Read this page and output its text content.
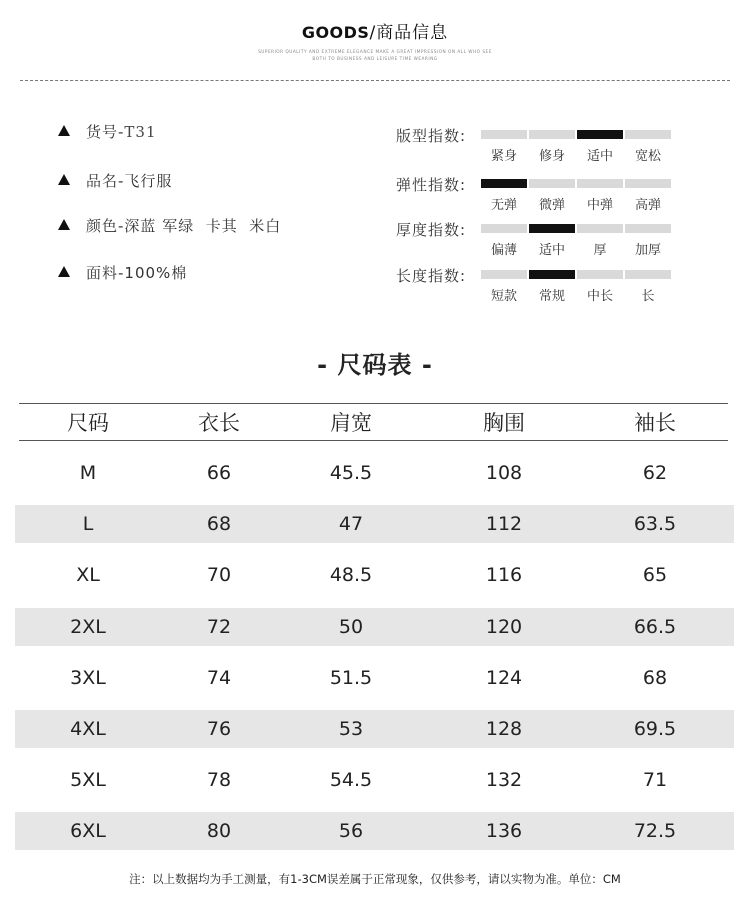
GOODS/商品信息
SUPERIOR QUALITY AND EXTREME ELEGANCE MAKE A GREAT IMPRESSION ON ALL WHO SEE
BOTH TO BUSINESS AND LEISURE TIME WEARING
货号-T31
品名-飞行服
颜色-深蓝 军绿  卡其  米白
面料-100%棉
版型指数:
紧身	修身	适中	宽松
弹性指数:
无弹	微弹	中弹	高弹
厚度指数:
偏薄	适中	厚	加厚
长度指数:
短款	常规	中长	长
- 尺码表 -
尺码	衣长	肩宽	胸围	袖长
M	66	45.5	108	62
L	68	47	112	63.5
XL	70	48.5	116	65
2XL	72	50	120	66.5
3XL	74	51.5	124	68
4XL	76	53	128	69.5
5XL	78	54.5	132	71
6XL	80	56	136	72.5
注：以上数据均为手工测量，有1-3CM误差属于正常现象，仅供参考，请以实物为准。单位：CM
